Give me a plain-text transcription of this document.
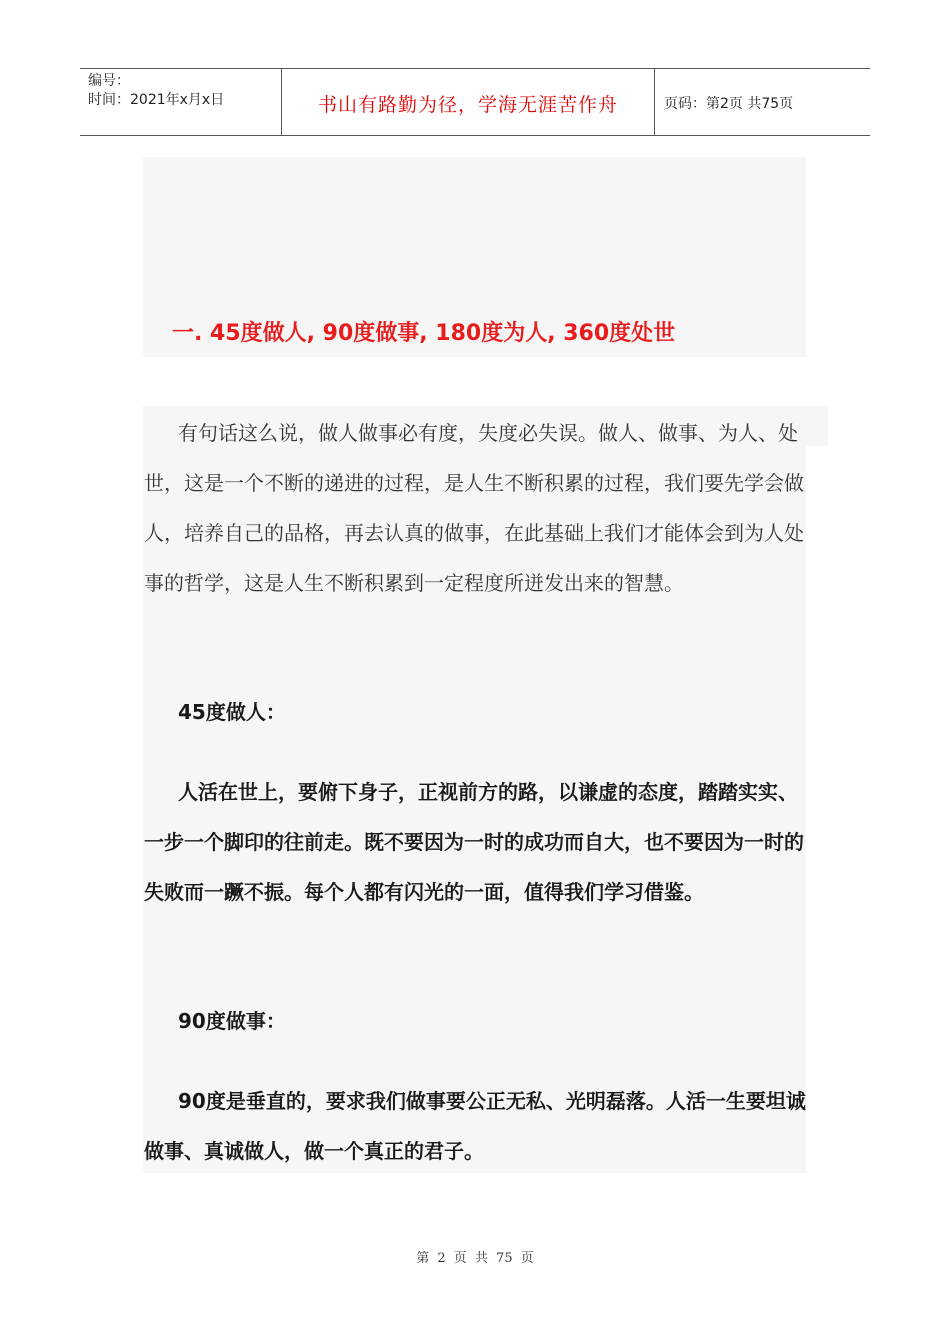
编号：
时间：2021年x月x日	书山有路勤为径，学海无涯苦作舟	页码：第2页 共75页
一. 45度做人, 90度做事, 180度为人, 360度处世

有句话这么说，做人做事必有度，失度必失误。做人、做事、为人、处世，这是一个不断的递进的过程，是人生不断积累的过程，我们要先学会做人，培养自己的品格，再去认真的做事，在此基础上我们才能体会到为人处事的哲学，这是人生不断积累到一定程度所迸发出来的智慧。

45度做人：

人活在世上，要俯下身子，正视前方的路，以谦虚的态度，踏踏实实、一步一个脚印的往前走。既不要因为一时的成功而自大，也不要因为一时的失败而一蹶不振。每个人都有闪光的一面，值得我们学习借鉴。

90度做事：

90度是垂直的，要求我们做事要公正无私、光明磊落。人活一生要坦诚做事、真诚做人，做一个真正的君子。

第 2 页 共 75 页
